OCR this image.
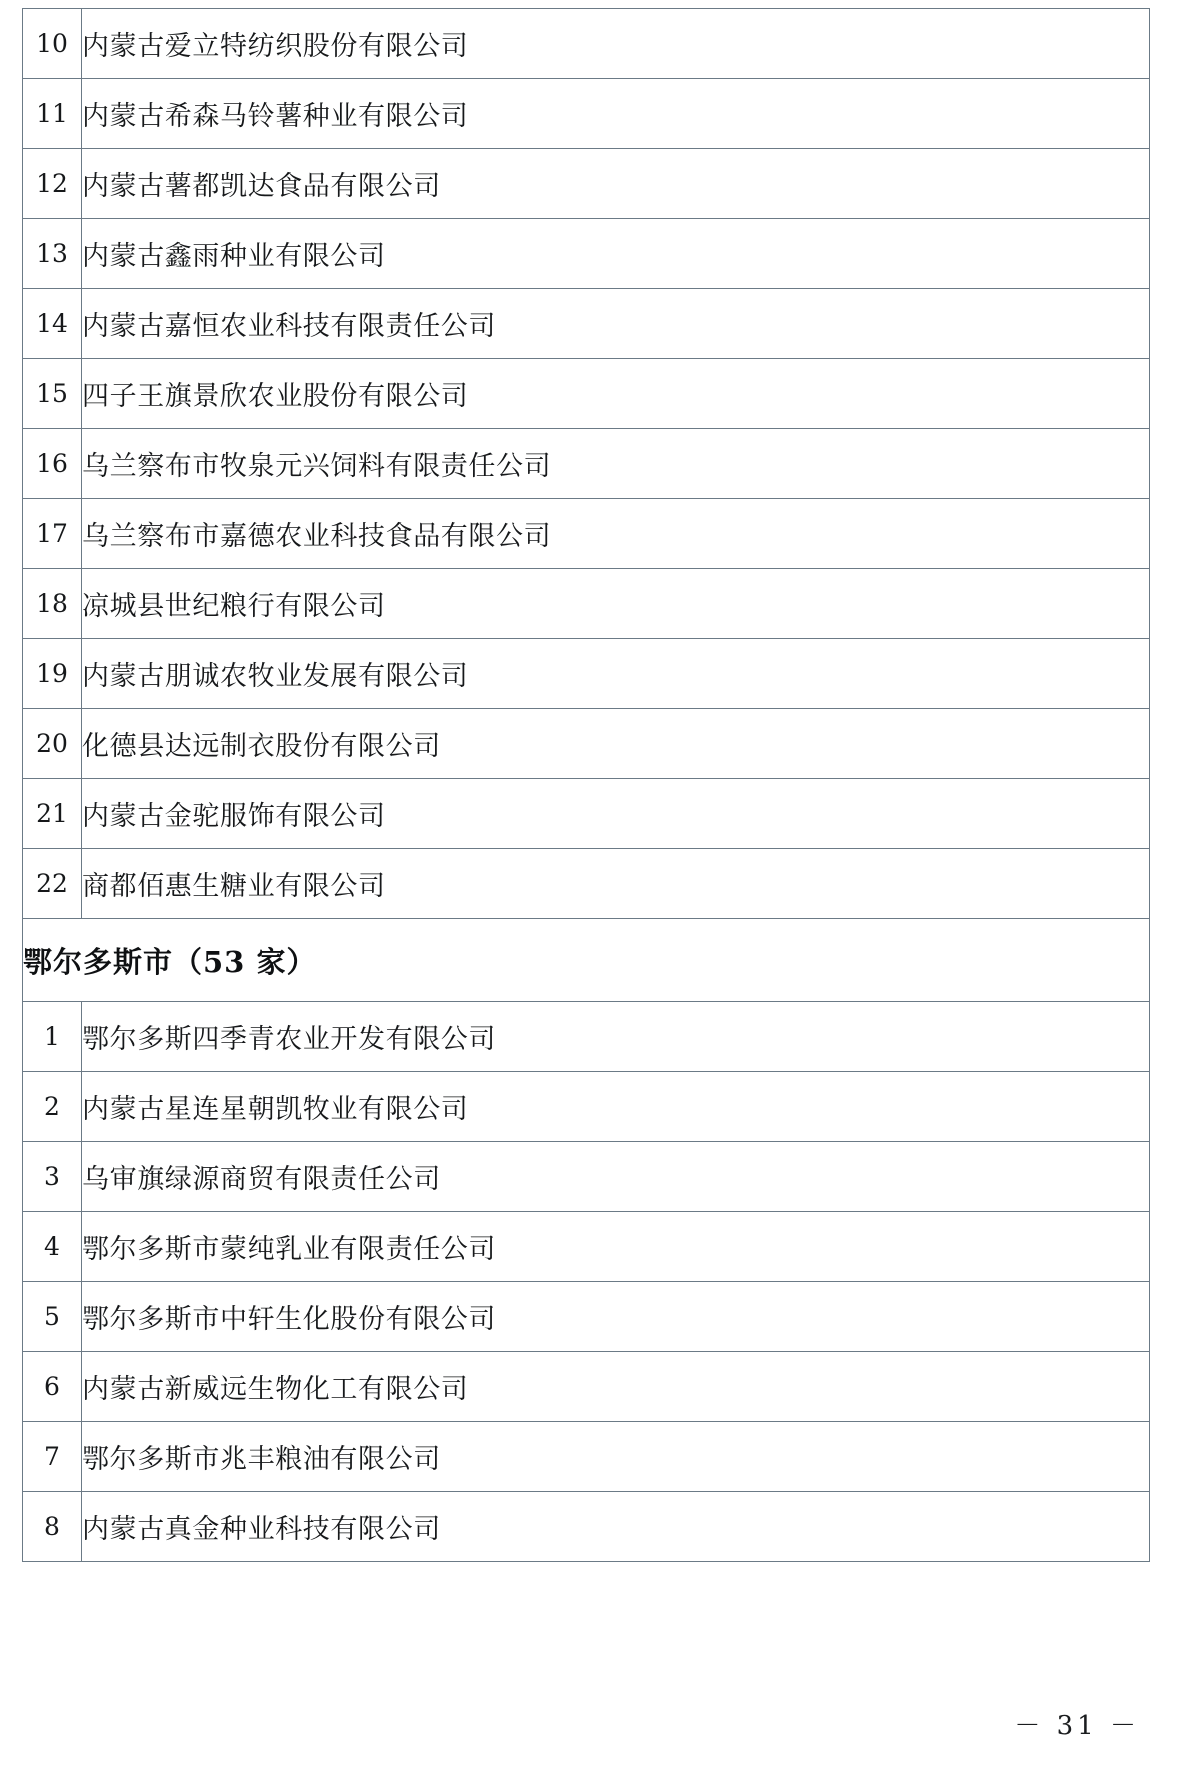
10	内蒙古爱立特纺织股份有限公司
11	内蒙古希森马铃薯种业有限公司
12	内蒙古薯都凯达食品有限公司
13	内蒙古鑫雨种业有限公司
14	内蒙古嘉恒农业科技有限责任公司
15	四子王旗景欣农业股份有限公司
16	乌兰察布市牧泉元兴饲料有限责任公司
17	乌兰察布市嘉德农业科技食品有限公司
18	凉城县世纪粮行有限公司
19	内蒙古朋诚农牧业发展有限公司
20	化德县达远制衣股份有限公司
21	内蒙古金驼服饰有限公司
22	商都佰惠生糖业有限公司
鄂尔多斯市（53 家）	
1	鄂尔多斯四季青农业开发有限公司
2	内蒙古星连星朝凯牧业有限公司
3	乌审旗绿源商贸有限责任公司
4	鄂尔多斯市蒙纯乳业有限责任公司
5	鄂尔多斯市中轩生化股份有限公司
6	内蒙古新威远生物化工有限公司
7	鄂尔多斯市兆丰粮油有限公司
8	内蒙古真金种业科技有限公司
－ 31 －
